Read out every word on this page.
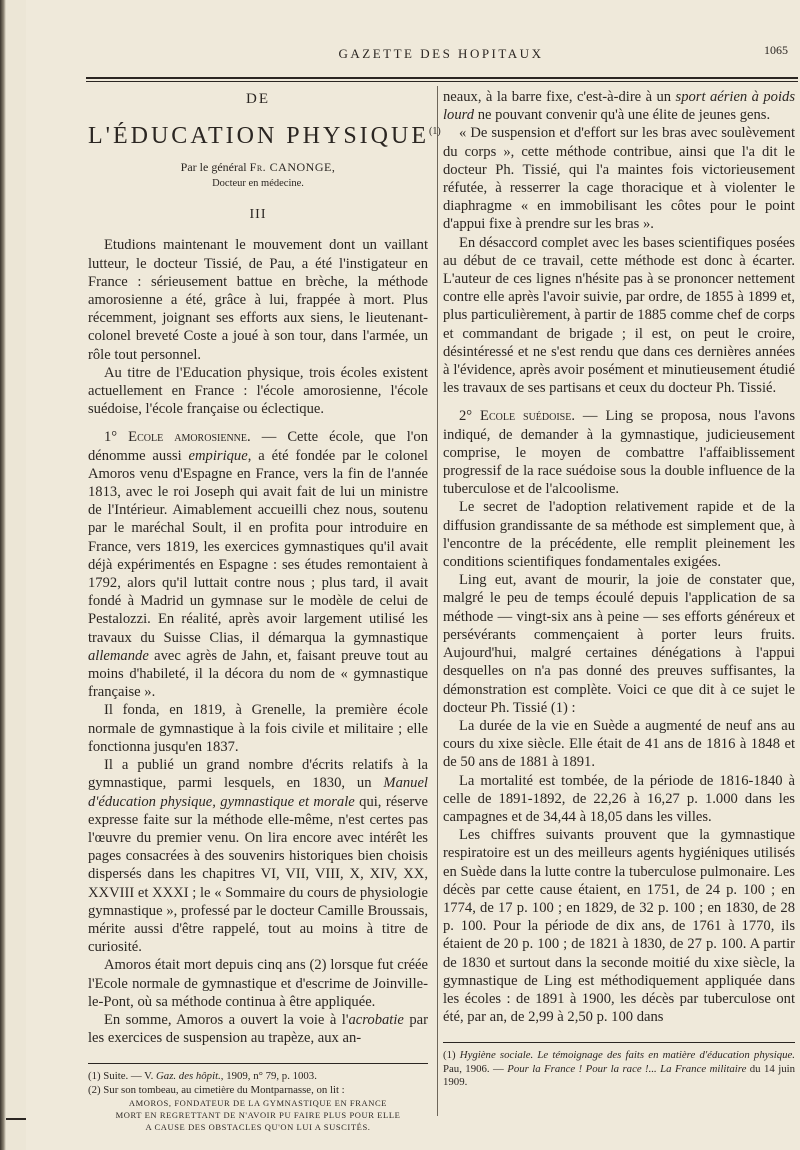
GAZETTE DES HOPITAUX	1065
DE
L'ÉDUCATION PHYSIQUE$^{(1)}$
Par le général Fr. CANONGE,
Docteur en médecine.
III

Etudions maintenant le mouvement dont un vaillant lutteur, le docteur Tissié, de Pau, a été l'instigateur en France : sérieusement battue en brèche, la méthode amorosienne a été, grâce à lui, frappée à mort. Plus récemment, joignant ses efforts aux siens, le lieutenant-colonel breveté Coste a joué à son tour, dans l'armée, un rôle tout personnel.

Au titre de l'Education physique, trois écoles existent actuellement en France : l'école amorosienne, l'école suédoise, l'école française ou éclectique.

1° Ecole amorosienne. — Cette école, que l'on dénomme aussi empirique, a été fondée par le colonel Amoros venu d'Espagne en France, vers la fin de l'année 1813, avec le roi Joseph qui avait fait de lui un ministre de l'Intérieur. Aimablement accueilli chez nous, soutenu par le maréchal Soult, il en profita pour introduire en France, vers 1819, les exercices gymnastiques qu'il avait déjà expérimentés en Espagne : ses études remontaient à 1792, alors qu'il luttait contre nous ; plus tard, il avait fondé à Madrid un gymnase sur le modèle de celui de Pestalozzi. En réalité, après avoir largement utilisé les travaux du Suisse Clias, il démarqua la gymnastique allemande avec agrès de Jahn, et, faisant preuve tout au moins d'habileté, il la décora du nom de « gymnastique française ».

Il fonda, en 1819, à Grenelle, la première école normale de gymnastique à la fois civile et militaire ; elle fonctionna jusqu'en 1837.

Il a publié un grand nombre d'écrits relatifs à la gymnastique, parmi lesquels, en 1830, un Manuel d'éducation physique, gymnastique et morale qui, réserve expresse faite sur la méthode elle-même, n'est certes pas l'œuvre du premier venu. On lira encore avec intérêt les pages consacrées à des souvenirs historiques bien choisis dispersés dans les chapitres VI, VII, VIII, X, XIV, XX, XXVIII et XXXI ; le « Sommaire du cours de physiologie gymnastique », professé par le docteur Camille Broussais, mérite aussi d'être rappelé, tout au moins à titre de curiosité.

Amoros était mort depuis cinq ans (2) lorsque fut créée l'Ecole normale de gymnastique et d'escrime de Joinville-le-Pont, où sa méthode continua à être appliquée.

En somme, Amoros a ouvert la voie à l'acrobatie par les exercices de suspension au trapèze, aux an-

(1) Suite. — V. Gaz. des hôpit., 1909, n° 79, p. 1003.

(2) Sur son tombeau, au cimetière du Montparnasse, on lit :

AMOROS, FONDATEUR DE LA GYMNASTIQUE EN FRANCE

MORT EN REGRETTANT DE N'AVOIR PU FAIRE PLUS POUR ELLE

A CAUSE DES OBSTACLES QU'ON LUI A SUSCITÉS.

neaux, à la barre fixe, c'est-à-dire à un sport aérien à poids lourd ne pouvant convenir qu'à une élite de jeunes gens.

« De suspension et d'effort sur les bras avec soulèvement du corps », cette méthode contribue, ainsi que l'a dit le docteur Ph. Tissié, qui l'a maintes fois victorieusement réfutée, à resserrer la cage thoracique et à violenter le diaphragme « en immobilisant les côtes pour le point d'appui fixe à prendre sur les bras ».

En désaccord complet avec les bases scientifiques posées au début de ce travail, cette méthode est donc à écarter. L'auteur de ces lignes n'hésite pas à se prononcer nettement contre elle après l'avoir suivie, par ordre, de 1855 à 1899 et, plus particulièrement, à partir de 1885 comme chef de corps et commandant de brigade ; il est, on peut le croire, désintéressé et ne s'est rendu que dans ces dernières années à l'évidence, après avoir posément et minutieusement étudié les travaux de ses partisans et ceux du docteur Ph. Tissié.

2° Ecole suédoise. — Ling se proposa, nous l'avons indiqué, de demander à la gymnastique, judicieusement comprise, le moyen de combattre l'affaiblissement progressif de la race suédoise sous la double influence de la tuberculose et de l'alcoolisme.

Le secret de l'adoption relativement rapide et de la diffusion grandissante de sa méthode est simplement que, à l'encontre de la précédente, elle remplit pleinement les conditions scientifiques fondamentales exigées.

Ling eut, avant de mourir, la joie de constater que, malgré le peu de temps écoulé depuis l'application de sa méthode — vingt-six ans à peine — ses efforts généreux et persévérants commençaient à porter leurs fruits. Aujourd'hui, malgré certaines dénégations à l'appui desquelles on n'a pas donné des preuves suffisantes, la démonstration est complète. Voici ce que dit à ce sujet le docteur Ph. Tissié (1) :

La durée de la vie en Suède a augmenté de neuf ans au cours du xixe siècle. Elle était de 41 ans de 1816 à 1848 et de 50 ans de 1881 à 1891.

La mortalité est tombée, de la période de 1816-1840 à celle de 1891-1892, de 22,26 à 16,27 p. 1.000 dans les campagnes et de 34,44 à 18,05 dans les villes.

Les chiffres suivants prouvent que la gymnastique respiratoire est un des meilleurs agents hygiéniques utilisés en Suède dans la lutte contre la tuberculose pulmonaire. Les décès par cette cause étaient, en 1751, de 24 p. 100 ; en 1774, de 17 p. 100 ; en 1829, de 32 p. 100 ; en 1830, de 28 p. 100. Pour la période de dix ans, de 1761 à 1770, ils étaient de 20 p. 100 ; de 1821 à 1830, de 27 p. 100. A partir de 1830 et surtout dans la seconde moitié du xixe siècle, la gymnastique de Ling est méthodiquement appliquée dans les écoles : de 1891 à 1900, les décès par tuberculose ont été, par an, de 2,99 à 2,50 p. 100 dans

(1) Hygiène sociale. Le témoignage des faits en matière d'éducation physique. Pau, 1906. — Pour la France ! Pour la race !... La France militaire du 14 juin 1909.
